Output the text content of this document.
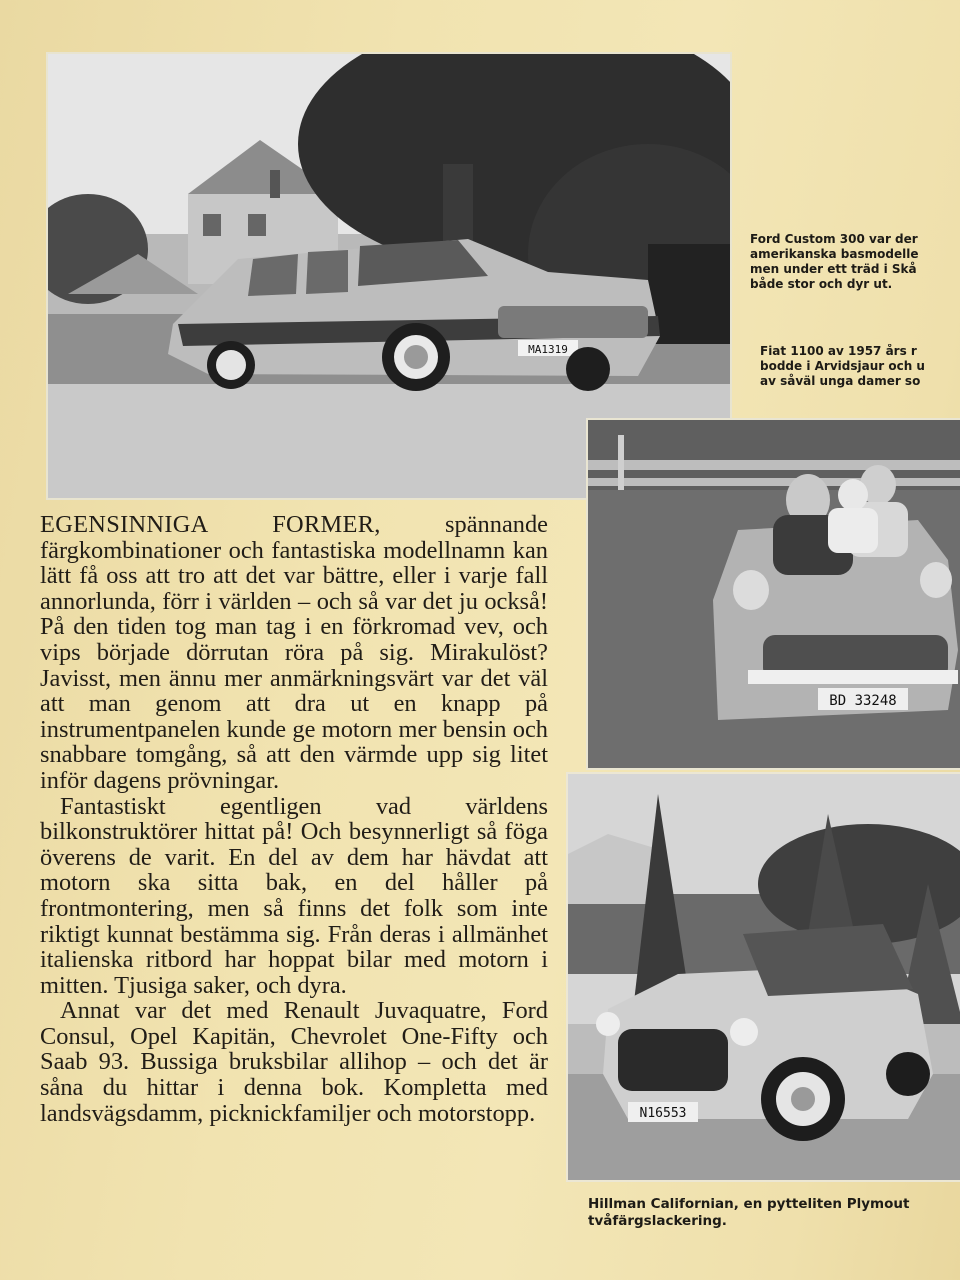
MA1319
BD 33248
N16553
Ford Custom 300 var der
amerikanska basmodelle
men under ett träd i Skå
både stor och dyr ut.
Fiat 1100 av 1957 års r
bodde i Arvidsjaur och u
av såväl unga damer so
Hillman Californian, en pytteliten Plymout
tvåfärgslackering.

EGENSINNIGA FORMER, spännande färgkombinationer och fantastiska modellnamn kan lätt få oss att tro att det var bättre, eller i varje fall annorlunda, förr i världen – och så var det ju också! På den tiden tog man tag i en förkromad vev, och vips började dörrutan röra på sig. Mirakulöst? Javisst, men ännu mer anmärkningsvärt var det väl att man genom att dra ut en knapp på instrumentpanelen kunde ge motorn mer bensin och snabbare tomgång, så att den värmde upp sig litet inför dagens prövningar.

Fantastiskt egentligen vad världens bilkonstruktörer hittat på! Och besynnerligt så föga överens de varit. En del av dem har hävdat att motorn ska sitta bak, en del håller på frontmontering, men så finns det folk som inte riktigt kunnat bestämma sig. Från deras i allmänhet italienska ritbord har hoppat bilar med motorn i mitten. Tjusiga saker, och dyra.

Annat var det med Renault Juvaquatre, Ford Consul, Opel Kapitän, Chevrolet One-Fifty och Saab 93. Bussiga bruksbilar allihop – och det är såna du hittar i denna bok. Kompletta med landsvägsdamm, picknickfamiljer och motorstopp.
